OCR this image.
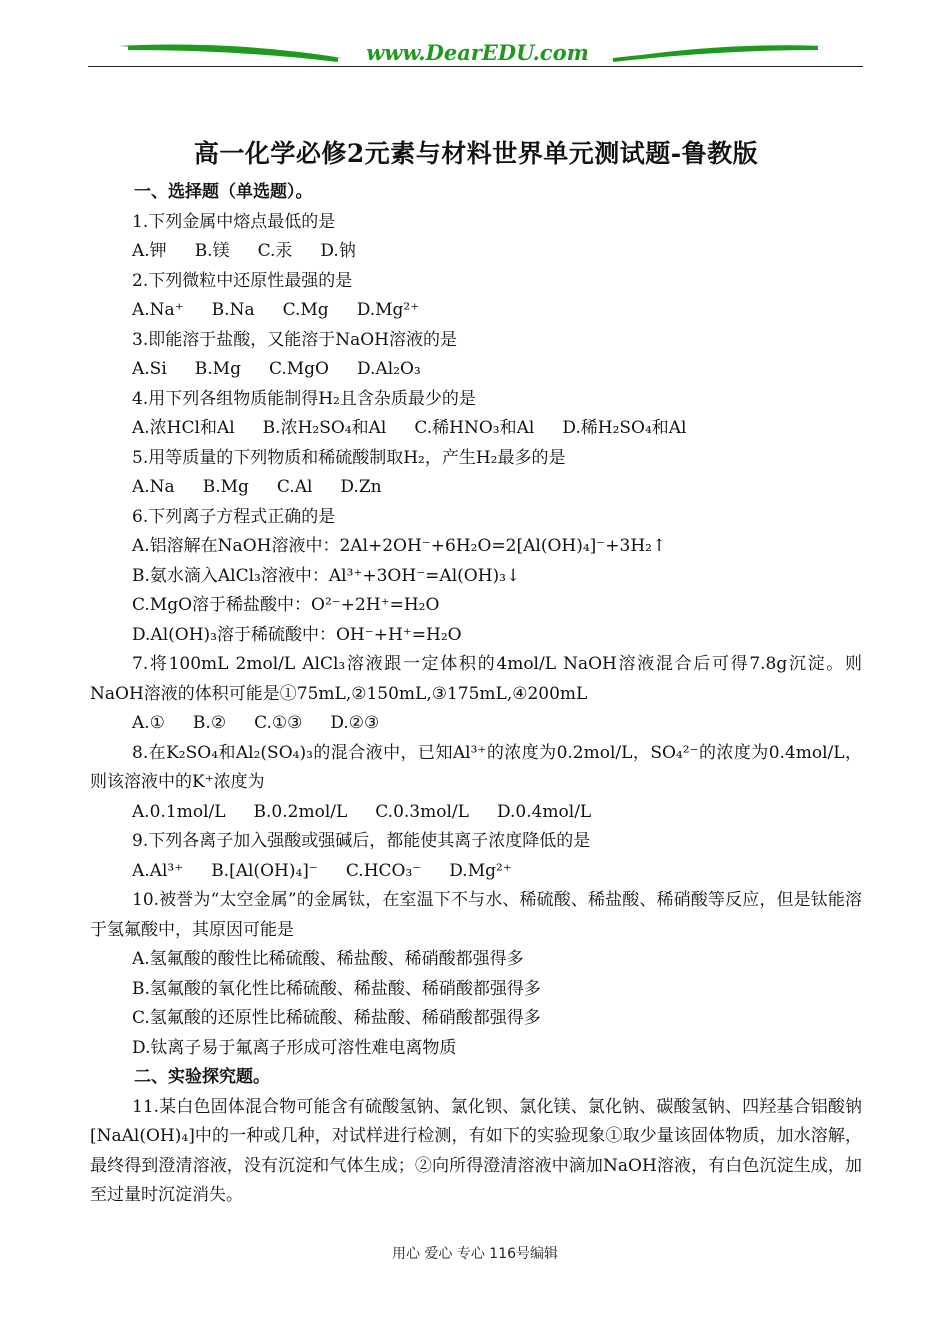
www.DearEDU.com
高一化学必修2元素与材料世界单元测试题-鲁教版
一、选择题（单选题）。
1.下列金属中熔点最低的是
A.钾 B.镁 C.汞 D.钠
2.下列微粒中还原性最强的是
A.Na⁺ B.Na C.Mg D.Mg²⁺
3.即能溶于盐酸，又能溶于NaOH溶液的是
A.Si B.Mg C.MgO D.Al₂O₃
4.用下列各组物质能制得H₂且含杂质最少的是
A.浓HCl和Al B.浓H₂SO₄和Al C.稀HNO₃和Al D.稀H₂SO₄和Al
5.用等质量的下列物质和稀硫酸制取H₂，产生H₂最多的是
A.Na B.Mg C.Al D.Zn
6.下列离子方程式正确的是
A.铝溶解在NaOH溶液中：2Al+2OH⁻+6H₂O=2[Al(OH)₄]⁻+3H₂↑
B.氨水滴入AlCl₃溶液中：Al³⁺+3OH⁻=Al(OH)₃↓
C.MgO溶于稀盐酸中：O²⁻+2H⁺=H₂O
D.Al(OH)₃溶于稀硫酸中：OH⁻+H⁺=H₂O
7.将100mL 2mol/L AlCl₃溶液跟一定体积的4mol/L NaOH溶液混合后可得7.8g沉淀。则NaOH溶液的体积可能是①75mL,②150mL,③175mL,④200mL
A.① B.② C.①③ D.②③
8.在K₂SO₄和Al₂(SO₄)₃的混合液中，已知Al³⁺的浓度为0.2mol/L，SO₄²⁻的浓度为0.4mol/L，则该溶液中的K⁺浓度为
A.0.1mol/L B.0.2mol/L C.0.3mol/L D.0.4mol/L
9.下列各离子加入强酸或强碱后，都能使其离子浓度降低的是
A.Al³⁺ B.[Al(OH)₄]⁻ C.HCO₃⁻ D.Mg²⁺
10.被誉为“太空金属”的金属钛，在室温下不与水、稀硫酸、稀盐酸、稀硝酸等反应，但是钛能溶于氢氟酸中，其原因可能是
A.氢氟酸的酸性比稀硫酸、稀盐酸、稀硝酸都强得多
B.氢氟酸的氧化性比稀硫酸、稀盐酸、稀硝酸都强得多
C.氢氟酸的还原性比稀硫酸、稀盐酸、稀硝酸都强得多
D.钛离子易于氟离子形成可溶性难电离物质
二、实验探究题。
11.某白色固体混合物可能含有硫酸氢钠、氯化钡、氯化镁、氯化钠、碳酸氢钠、四羟基合铝酸钠[NaAl(OH)₄]中的一种或几种，对试样进行检测，有如下的实验现象①取少量该固体物质，加水溶解，最终得到澄清溶液，没有沉淀和气体生成；②向所得澄清溶液中滴加NaOH溶液，有白色沉淀生成，加至过量时沉淀消失。
用心 爱心 专心 116号编辑
